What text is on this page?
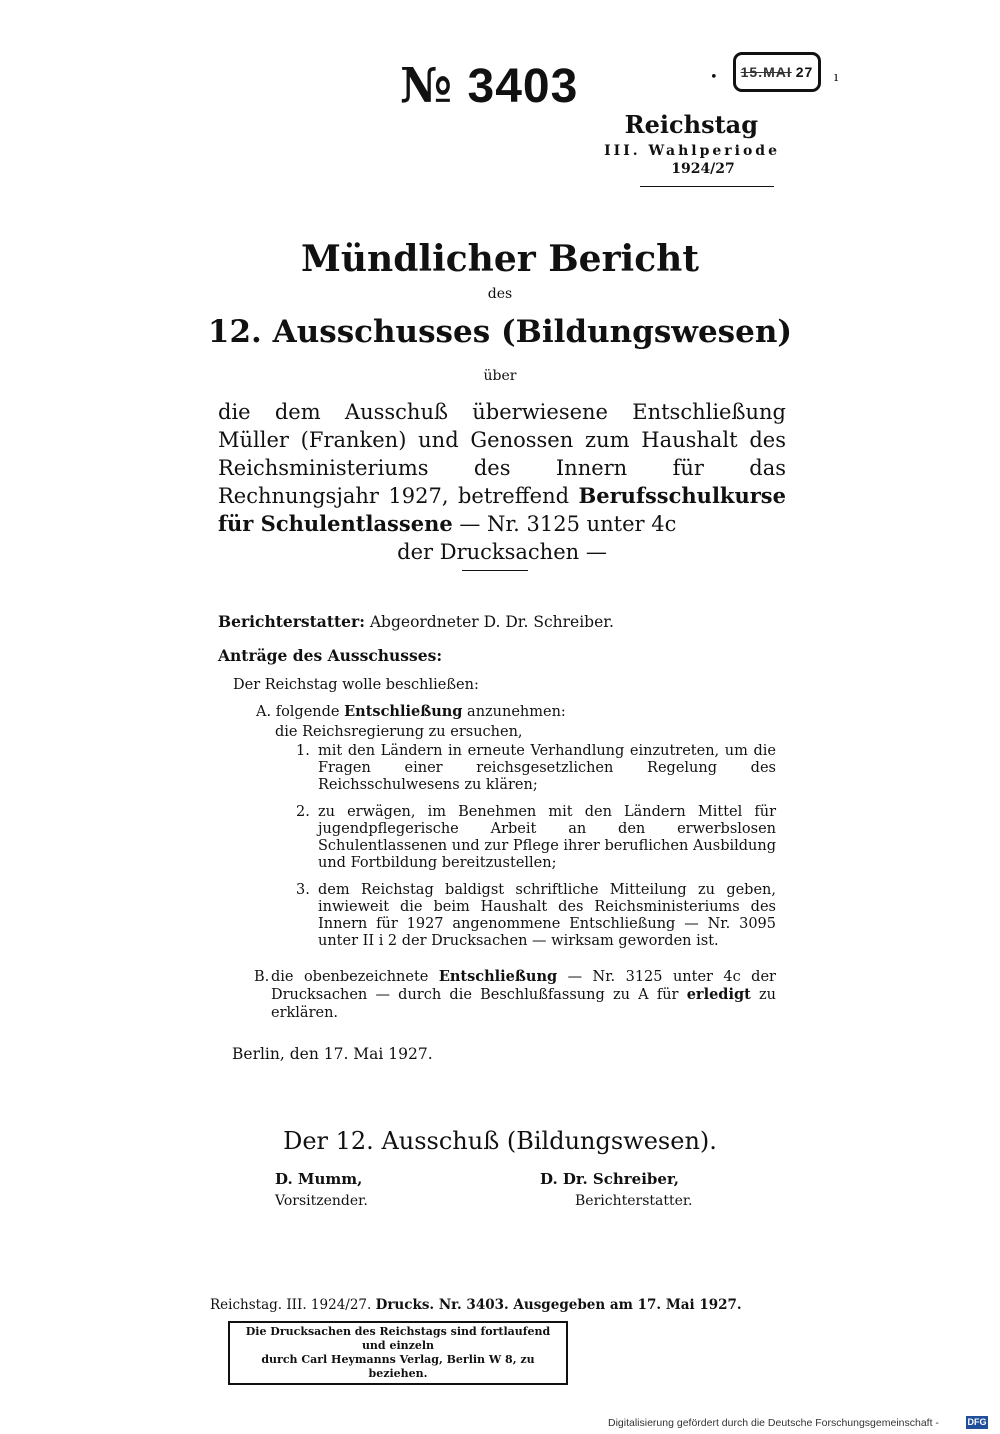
№ 3403	• 15.MAI 27 ı
Reichstag
III. Wahlperiode
1924/27
Mündlicher Bericht
des
12. Ausschusses (Bildungswesen)
über
die dem Ausschuß überwiesene Entschließung Müller (Franken) und Genossen zum Haushalt des Reichsministeriums des Innern für das Rechnungsjahr 1927, betreffend Berufsschulkurse für Schulentlassene — Nr. 3125 unter 4c
der Drucksachen —
Berichterstatter: Abgeordneter D. Dr. Schreiber.
Anträge des Ausschusses:
Der Reichstag wolle beschließen:
A. folgende Entschließung anzunehmen:
die Reichsregierung zu ersuchen,
1. mit den Ländern in erneute Verhandlung einzutreten, um die Fragen einer reichsgesetzlichen Regelung des Reichsschulwesens zu klären;
2. zu erwägen, im Benehmen mit den Ländern Mittel für jugendpflegerische Arbeit an den erwerbslosen Schulentlassenen und zur Pflege ihrer beruflichen Ausbildung und Fortbildung bereitzustellen;
3. dem Reichstag baldigst schriftliche Mitteilung zu geben, inwieweit die beim Haushalt des Reichsministeriums des Innern für 1927 angenommene Entschließung — Nr. 3095 unter II i 2 der Drucksachen — wirksam geworden ist.
B. die obenbezeichnete Entschließung — Nr. 3125 unter 4c der Drucksachen — durch die Beschlußfassung zu A für erledigt zu erklären.
Berlin, den 17. Mai 1927.
Der 12. Ausschuß (Bildungswesen).
D. Mumm,
Vorsitzender.
D. Dr. Schreiber,
Berichterstatter.
Reichstag. III. 1924/27. Drucks. Nr. 3403. Ausgegeben am 17. Mai 1927.
Die Drucksachen des Reichstags sind fortlaufend und einzeln
durch Carl Heymanns Verlag, Berlin W 8, zu beziehen.
Digitalisierung gefördert durch die Deutsche Forschungsgemeinschaft -	DFG
